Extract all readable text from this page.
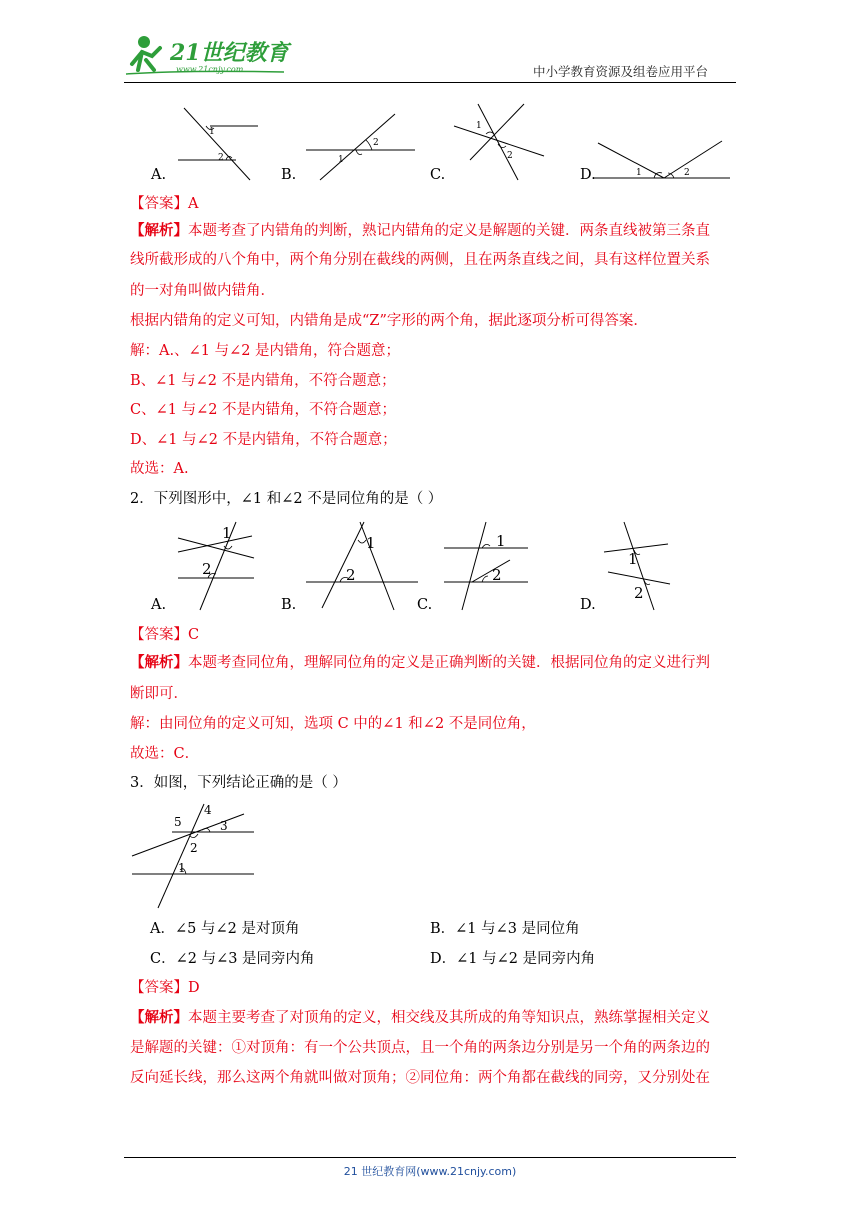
21世纪教育
www.21cnjy.com	中小学教育资源及组卷应用平台
1
2
A.
1
2
B.
1
2
C.	1	2
D.
【答案】A
【解析】本题考查了内错角的判断，熟记内错角的定义是解题的关键．两条直线被第三条直
线所截形成的八个角中，两个角分别在截线的两侧，且在两条直线之间，具有这样位置关系
的一对角叫做内错角．
根据内错角的定义可知，内错角是成“Z”字形的两个角，据此逐项分析可得答案．
解：A.、∠1 与∠2 是内错角，符合题意；
B、∠1 与∠2 不是内错角，不符合题意；
C、∠1 与∠2 不是内错角，不符合题意；
D、∠1 与∠2 不是内错角，不符合题意；
故选：A.
2．下列图形中，∠1 和∠2 不是同位角的是（ ）
1
2
A.
1
2
B.
1
2
C.
1
2
D.
【答案】C
【解析】本题考查同位角，理解同位角的定义是正确判断的关键．根据同位角的定义进行判
断即可．
解：由同位角的定义可知，选项 C 中的∠1 和∠2 不是同位角，
故选：C．
3．如图，下列结论正确的是（ ）
1
2
3
4
5
A．∠5 与∠2 是对顶角	B．∠1 与∠3 是同位角
C．∠2 与∠3 是同旁内角	D．∠1 与∠2 是同旁内角
【答案】D
【解析】本题主要考查了对顶角的定义，相交线及其所成的角等知识点，熟练掌握相关定义
是解题的关键：①对顶角：有一个公共顶点，且一个角的两条边分别是另一个角的两条边的
反向延长线，那么这两个角就叫做对顶角；②同位角：两个角都在截线的同旁，又分别处在
21 世纪教育网(www.21cnjy.com)
